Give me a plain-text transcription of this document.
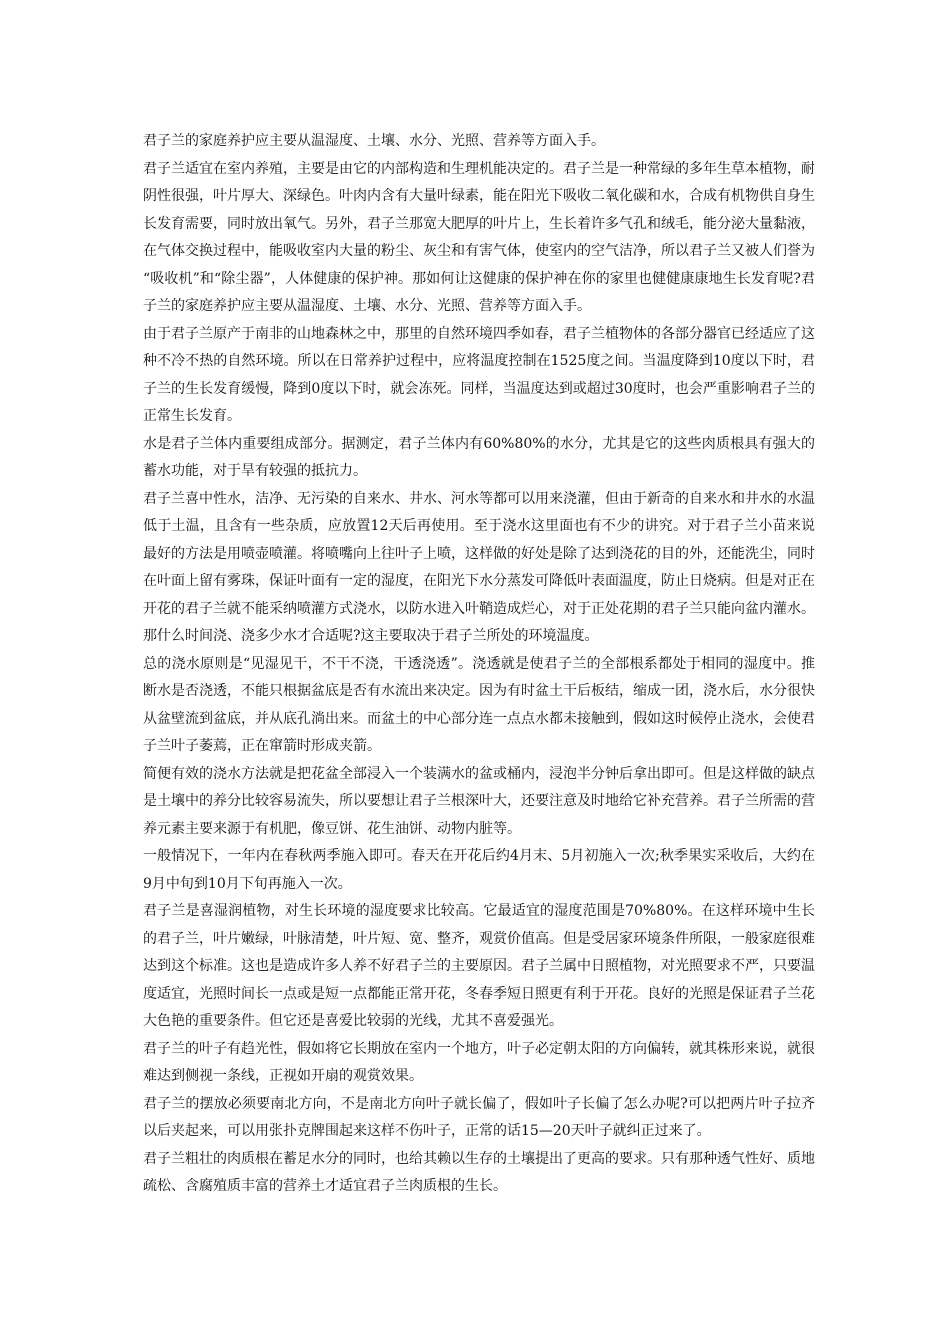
君子兰的家庭养护应主要从温湿度、土壤、水分、光照、营养等方面入手。

君子兰适宜在室内养殖，主要是由它的内部构造和生理机能决定的。君子兰是一种常绿的多年生草本植物，耐阴性很强，叶片厚大、深绿色。叶肉内含有大量叶绿素，能在阳光下吸收二氧化碳和水，合成有机物供自身生长发育需要，同时放出氧气。另外，君子兰那宽大肥厚的叶片上，生长着许多气孔和绒毛，能分泌大量黏液，在气体交换过程中，能吸收室内大量的粉尘、灰尘和有害气体，使室内的空气洁净，所以君子兰又被人们誉为“吸收机”和“除尘器”，人体健康的保护神。那如何让这健康的保护神在你的家里也健健康康地生长发育呢?君子兰的家庭养护应主要从温湿度、土壤、水分、光照、营养等方面入手。

由于君子兰原产于南非的山地森林之中，那里的自然环境四季如春，君子兰植物体的各部分器官已经适应了这种不冷不热的自然环境。所以在日常养护过程中，应将温度控制在1525度之间。当温度降到10度以下时，君子兰的生长发育缓慢，降到0度以下时，就会冻死。同样，当温度达到或超过30度时，也会严重影响君子兰的正常生长发育。

水是君子兰体内重要组成部分。据测定，君子兰体内有60%80%的水分，尤其是它的这些肉质根具有强大的蓄水功能，对于旱有较强的抵抗力。

君子兰喜中性水，洁净、无污染的自来水、井水、河水等都可以用来浇灌，但由于新奇的自来水和井水的水温低于土温，且含有一些杂质，应放置12天后再使用。至于浇水这里面也有不少的讲究。对于君子兰小苗来说最好的方法是用喷壶喷灌。将喷嘴向上往叶子上喷，这样做的好处是除了达到浇花的目的外，还能洗尘，同时在叶面上留有雾珠，保证叶面有一定的湿度，在阳光下水分蒸发可降低叶表面温度，防止日烧病。但是对正在开花的君子兰就不能采纳喷灌方式浇水，以防水进入叶鞘造成烂心，对于正处花期的君子兰只能向盆内灌水。那什么时间浇、浇多少水才合适呢?这主要取决于君子兰所处的环境温度。

总的浇水原则是“见湿见干，不干不浇，干透浇透”。浇透就是使君子兰的全部根系都处于相同的湿度中。推断水是否浇透，不能只根据盆底是否有水流出来决定。因为有时盆土干后板结，缩成一团，浇水后，水分很快从盆壁流到盆底，并从底孔淌出来。而盆土的中心部分连一点点水都未接触到，假如这时候停止浇水，会使君子兰叶子萎蔫，正在窜箭时形成夹箭。

简便有效的浇水方法就是把花盆全部浸入一个装满水的盆或桶内，浸泡半分钟后拿出即可。但是这样做的缺点是土壤中的养分比较容易流失，所以要想让君子兰根深叶大，还要注意及时地给它补充营养。君子兰所需的营养元素主要来源于有机肥，像豆饼、花生油饼、动物内脏等。

一般情况下，一年内在春秋两季施入即可。春天在开花后约4月末、5月初施入一次;秋季果实采收后，大约在9月中旬到10月下旬再施入一次。

君子兰是喜湿润植物，对生长环境的湿度要求比较高。它最适宜的湿度范围是70%80%。在这样环境中生长的君子兰，叶片嫩绿，叶脉清楚，叶片短、宽、整齐，观赏价值高。但是受居家环境条件所限，一般家庭很难达到这个标准。这也是造成许多人养不好君子兰的主要原因。君子兰属中日照植物，对光照要求不严，只要温度适宜，光照时间长一点或是短一点都能正常开花，冬春季短日照更有利于开花。良好的光照是保证君子兰花大色艳的重要条件。但它还是喜爱比较弱的光线，尤其不喜爱强光。

君子兰的叶子有趋光性，假如将它长期放在室内一个地方，叶子必定朝太阳的方向偏转，就其株形来说，就很难达到侧视一条线，正视如开扇的观赏效果。

君子兰的摆放必须要南北方向，不是南北方向叶子就长偏了，假如叶子长偏了怎么办呢?可以把两片叶子拉齐以后夹起来，可以用张扑克牌围起来这样不伤叶子，正常的话15—20天叶子就纠正过来了。

君子兰粗壮的肉质根在蓄足水分的同时，也给其赖以生存的土壤提出了更高的要求。只有那种透气性好、质地疏松、含腐殖质丰富的营养土才适宜君子兰肉质根的生长。
